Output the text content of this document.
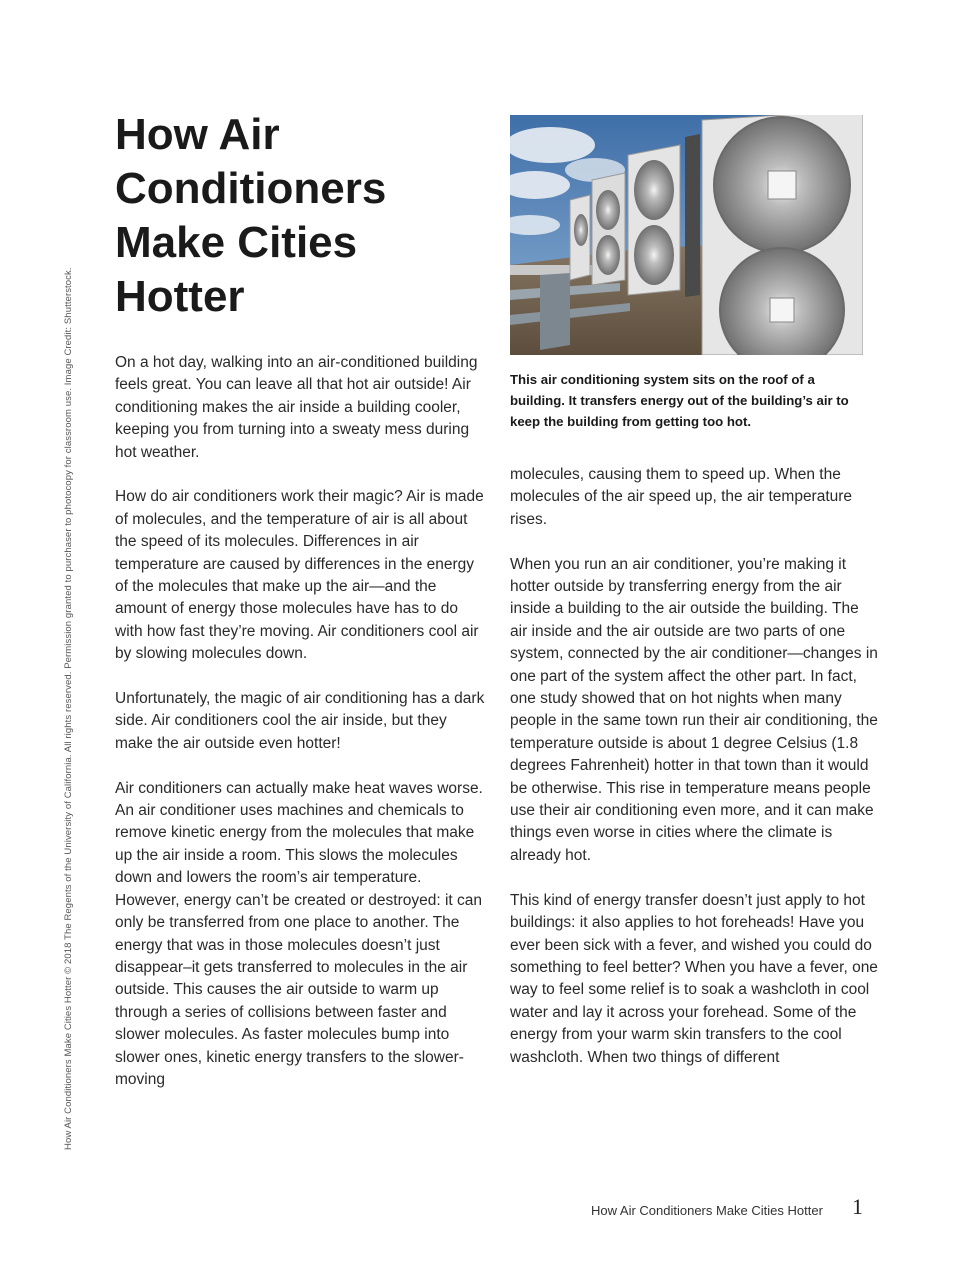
How Air Conditioners Make Cities Hotter © 2018 The Regents of the University of California. All rights reserved. Permission granted to purchaser to photocopy for classroom use. Image Credit: Shutterstock.
How Air Conditioners Make Cities Hotter

On a hot day, walking into an air-conditioned building feels great. You can leave all that hot air outside! Air conditioning makes the air inside a building cooler, keeping you from turning into a sweaty mess during hot weather.

How do air conditioners work their magic? Air is made of molecules, and the temperature of air is all about the speed of its molecules. Differences in air temperature are caused by differences in the energy of the molecules that make up the air—and the amount of energy those molecules have has to do with how fast they’re moving. Air conditioners cool air by slowing molecules down.

Unfortunately, the magic of air conditioning has a dark side. Air conditioners cool the air inside, but they make the air outside even hotter!

Air conditioners can actually make heat waves worse. An air conditioner uses machines and chemicals to remove kinetic energy from the molecules that make up the air inside a room. This slows the molecules down and lowers the room’s air temperature. However, energy can’t be created or destroyed: it can only be transferred from one place to another. The energy that was in those molecules doesn’t just disappear–it gets transferred to molecules in the air outside. This causes the air outside to warm up through a series of collisions between faster and slower molecules. As faster molecules bump into slower ones, kinetic energy transfers to the slower-moving

This air conditioning system sits on the roof of a building. It transfers energy out of the building’s air to keep the building from getting too hot.

molecules, causing them to speed up. When the molecules of the air speed up, the air temperature rises.

When you run an air conditioner, you’re making it hotter outside by transferring energy from the air inside a building to the air outside the building. The air inside and the air outside are two parts of one system, connected by the air conditioner—changes in one part of the system affect the other part. In fact, one study showed that on hot nights when many people in the same town run their air conditioning, the temperature outside is about 1 degree Celsius (1.8 degrees Fahrenheit) hotter in that town than it would be otherwise. This rise in temperature means people use their air conditioning even more, and it can make things even worse in cities where the climate is already hot.

This kind of energy transfer doesn’t just apply to hot buildings: it also applies to hot foreheads! Have you ever been sick with a fever, and wished you could do something to feel better? When you have a fever, one way to feel some relief is to soak a washcloth in cool water and lay it across your forehead. Some of the energy from your warm skin transfers to the cool washcloth. When two things of different

How Air Conditioners Make Cities Hotter 1
